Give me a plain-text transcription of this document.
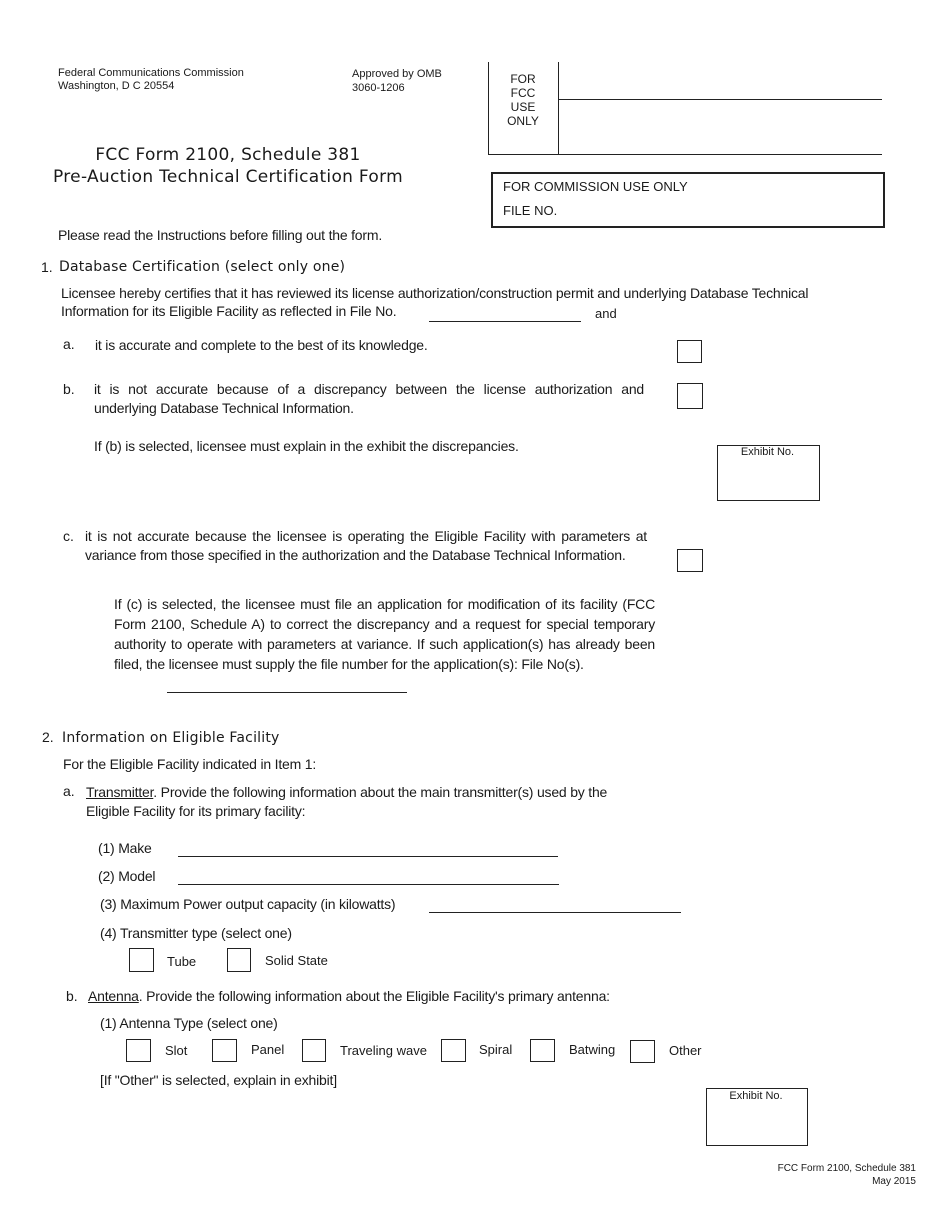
Federal Communications Commission
Washington, D C 20554
Approved by OMB
3060-1206
FOR
FCC
USE
ONLY
FCC Form 2100, Schedule 381
Pre-Auction Technical Certification Form	FOR COMMISSION USE ONLY
FILE NO.
Please read the Instructions before filling out the form.
1. Database Certification (select only one)
Licensee hereby certifies that it has reviewed its license authorization/construction permit and underlying Database Technical Information for its Eligible Facility as reflected in File No.	and
a. it is accurate and complete to the best of its knowledge.
b. it is not accurate because of a discrepancy between the license authorization and underlying Database Technical Information.
If (b) is selected, licensee must explain in the exhibit the discrepancies.	Exhibit No.
c. it is not accurate because the licensee is operating the Eligible Facility with parameters at variance from those specified in the authorization and the Database Technical Information.
If (c) is selected, the licensee must file an application for modification of its facility (FCC Form 2100, Schedule A) to correct the discrepancy and a request for special temporary authority to operate with parameters at variance. If such application(s) has already been filed, the licensee must supply the file number for the application(s): File No(s).
2. Information on Eligible Facility
For the Eligible Facility indicated in Item 1:
a. Transmitter. Provide the following information about the main transmitter(s) used by the Eligible Facility for its primary facility:
(1) Make
(2) Model
(3) Maximum Power output capacity (in kilowatts)
(4) Transmitter type (select one)
Tube	Solid State
b. Antenna. Provide the following information about the Eligible Facility's primary antenna:
(1) Antenna Type (select one)
Slot	Panel	Traveling wave	Spiral	Batwing	Other
[If "Other" is selected, explain in exhibit]
Exhibit No.
FCC Form 2100, Schedule 381
May 2015
